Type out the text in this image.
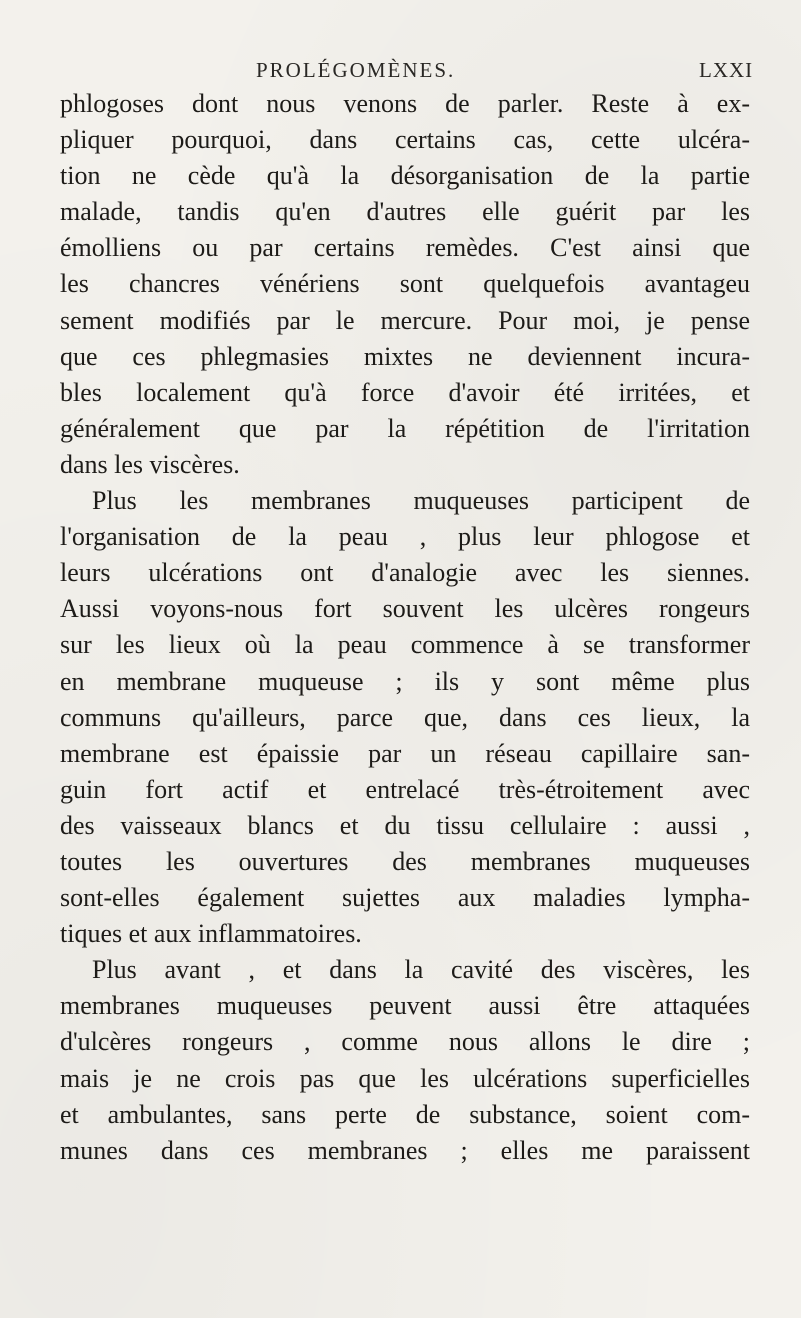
PROLÉGOMÈNES.	LXXI
phlogoses dont nous venons de parler. Reste à ex-
pliquer pourquoi, dans certains cas, cette ulcéra-
tion ne cède qu'à la désorganisation de la partie
malade, tandis qu'en d'autres elle guérit par les
émolliens ou par certains remèdes. C'est ainsi que
les chancres vénériens sont quelquefois avantageu
sement modifiés par le mercure. Pour moi, je pense
que ces phlegmasies mixtes ne deviennent incura-
bles localement qu'à force d'avoir été irritées, et
généralement que par la répétition de l'irritation
dans les viscères.
Plus les membranes muqueuses participent de
l'organisation de la peau , plus leur phlogose et
leurs ulcérations ont d'analogie avec les siennes.
Aussi voyons-nous fort souvent les ulcères rongeurs
sur les lieux où la peau commence à se transformer
en membrane muqueuse ; ils y sont même plus
communs qu'ailleurs, parce que, dans ces lieux, la
membrane est épaissie par un réseau capillaire san-
guin fort actif et entrelacé très-étroitement avec
des vaisseaux blancs et du tissu cellulaire : aussi ,
toutes les ouvertures des membranes muqueuses
sont-elles également sujettes aux maladies lympha-
tiques et aux inflammatoires.
Plus avant , et dans la cavité des viscères, les
membranes muqueuses peuvent aussi être attaquées
d'ulcères rongeurs , comme nous allons le dire ;
mais je ne crois pas que les ulcérations superficielles
et ambulantes, sans perte de substance, soient com-
munes dans ces membranes ; elles me paraissent
